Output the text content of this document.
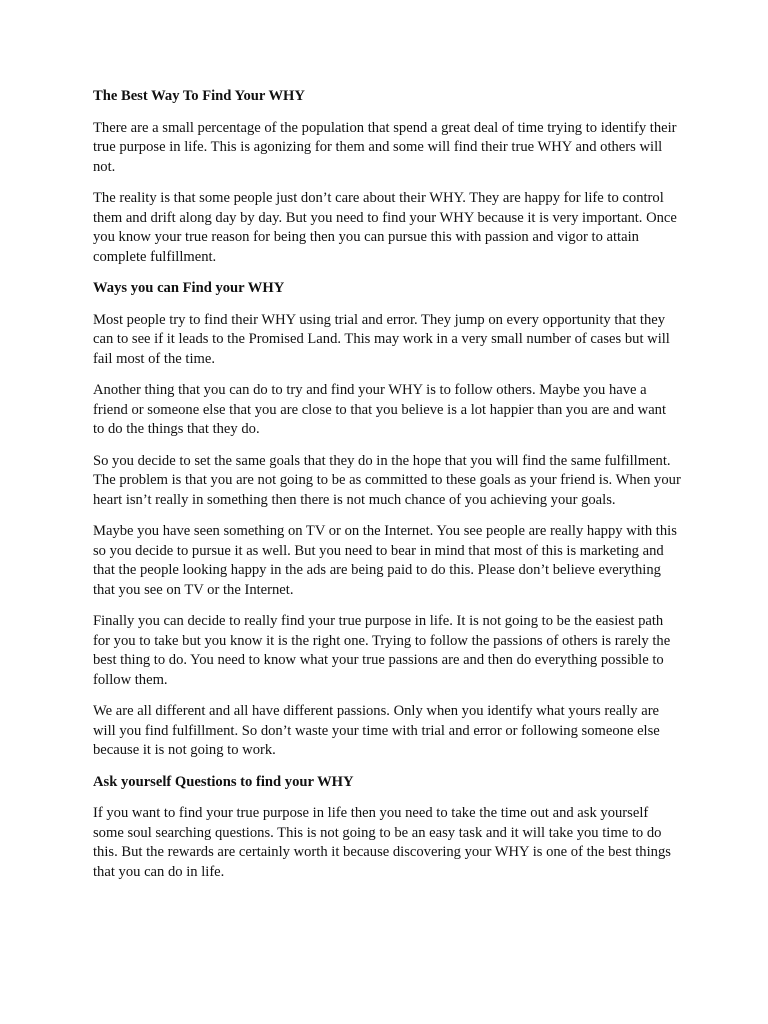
The Best Way To Find Your WHY

There are a small percentage of the population that spend a great deal of time trying to identify their true purpose in life. This is agonizing for them and some will find their true WHY and others will not.

The reality is that some people just don’t care about their WHY. They are happy for life to control them and drift along day by day. But you need to find your WHY because it is very important. Once you know your true reason for being then you can pursue this with passion and vigor to attain complete fulfillment.

Ways you can Find your WHY

Most people try to find their WHY using trial and error. They jump on every opportunity that they can to see if it leads to the Promised Land. This may work in a very small number of cases but will fail most of the time.

Another thing that you can do to try and find your WHY is to follow others. Maybe you have a friend or someone else that you are close to that you believe is a lot happier than you are and want to do the things that they do.

So you decide to set the same goals that they do in the hope that you will find the same fulfillment. The problem is that you are not going to be as committed to these goals as your friend is. When your heart isn’t really in something then there is not much chance of you achieving your goals.

Maybe you have seen something on TV or on the Internet. You see people are really happy with this so you decide to pursue it as well. But you need to bear in mind that most of this is marketing and that the people looking happy in the ads are being paid to do this. Please don’t believe everything that you see on TV or the Internet.

Finally you can decide to really find your true purpose in life. It is not going to be the easiest path for you to take but you know it is the right one. Trying to follow the passions of others is rarely the best thing to do. You need to know what your true passions are and then do everything possible to follow them.

We are all different and all have different passions. Only when you identify what yours really are will you find fulfillment. So don’t waste your time with trial and error or following someone else because it is not going to work.

Ask yourself Questions to find your WHY

If you want to find your true purpose in life then you need to take the time out and ask yourself some soul searching questions. This is not going to be an easy task and it will take you time to do this. But the rewards are certainly worth it because discovering your WHY is one of the best things that you can do in life.
